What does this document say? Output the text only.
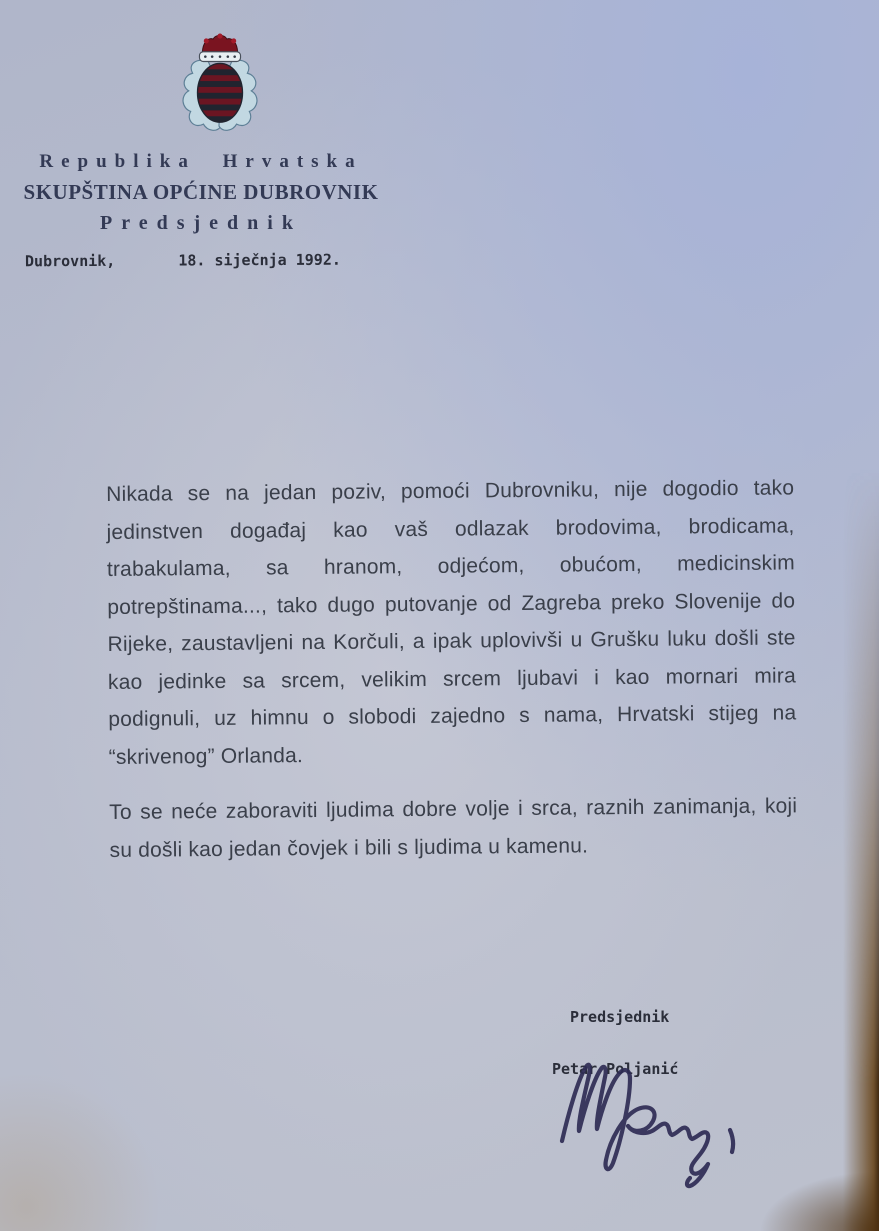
Republika Hrvatska
SKUPŠTINA OPĆINE DUBROVNIK
Predsjednik
Dubrovnik,	18. siječnja 1992.
Nikada se na jedan poziv, pomoći Dubrovniku, nije dogodio tako
jedinstven događaj kao vaš odlazak brodovima, brodicama,
trabakulama, sa hranom, odjećom, obućom, medicinskim
potrepštinama..., tako dugo putovanje od Zagreba preko Slovenije do
Rijeke, zaustavljeni na Korčuli, a ipak uplovivši u Grušku luku došli ste
kao jedinke sa srcem, velikim srcem ljubavi i kao mornari mira
podignuli, uz himnu o slobodi zajedno s nama, Hrvatski stijeg na
“skrivenog” Orlanda.
To se neće zaboraviti ljudima dobre volje i srca, raznih zanimanja, koji
su došli kao jedan čovjek i bili s ljudima u kamenu.
Predsjednik
Petar Poljanić
